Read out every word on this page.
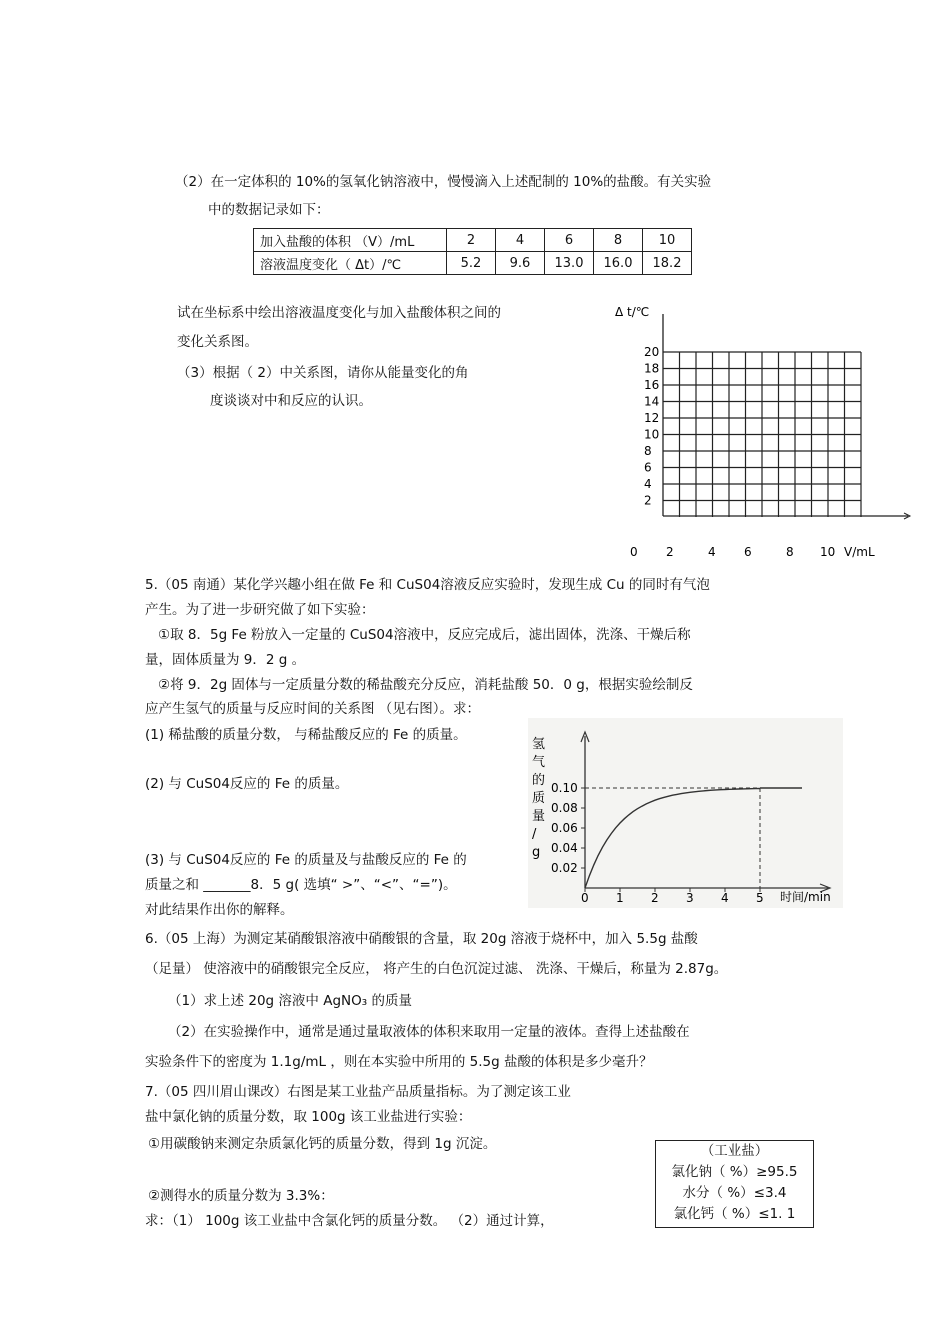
（2）在一定体积的 10%的氢氧化钠溶液中，慢慢滴入上述配制的 10%的盐酸。有关实验
中的数据记录如下：
加入盐酸的体积 （V）/mL	2	4	6	8	10
溶液温度变化（ Δt）/℃	5.2	9.6	13.0	16.0	18.2
试在坐标系中绘出溶液温度变化与加入盐酸体积之间的
变化关系图。
（3）根据（ 2）中关系图，请你从能量变化的角
度谈谈对中和反应的认识。
Δ t/℃
20
18
16
14
12
10
8
6
4
2
0 2	4 6	8 10 V/mL
5.（05 南通）某化学兴趣小组在做 Fe 和 CuS04溶液反应实验时，发现生成 Cu 的同时有气泡
产生。为了进一步研究做了如下实验：
①取 8．5g Fe 粉放入一定量的 CuS04溶液中，反应完成后，滤出固体，洗涤、干燥后称
量，固体质量为 9．2 g 。
②将 9．2g 固体与一定质量分数的稀盐酸充分反应，消耗盐酸 50．0 g，根据实验绘制反
应产生氢气的质量与反应时间的关系图 （见右图）。求：
(1) 稀盐酸的质量分数， 与稀盐酸反应的 Fe 的质量。
(2) 与 CuS04反应的 Fe 的质量。
(3) 与 CuS04反应的 Fe 的质量及与盐酸反应的 Fe 的
质量之和 _______8．5 g( 选填“ >”、“<”、“=”)。
对此结果作出你的解释。
氢
气
的
质
量
/
g
0.10
0.08
0.06
0.04
0.02
0 1 2 3 4 5 时间/min
6.（05 上海）为测定某硝酸银溶液中硝酸银的含量，取 20g 溶液于烧杯中，加入 5.5g 盐酸
（足量） 使溶液中的硝酸银完全反应， 将产生的白色沉淀过滤、 洗涤、干燥后，称量为 2.87g。
（1）求上述 20g 溶液中 AgNO₃ 的质量
（2）在实验操作中，通常是通过量取液体的体积来取用一定量的液体。查得上述盐酸在
实验条件下的密度为 1.1g/mL ，则在本实验中所用的 5.5g 盐酸的体积是多少毫升？
7.（05 四川眉山课改）右图是某工业盐产品质量指标。为了测定该工业
盐中氯化钠的质量分数，取 100g 该工业盐进行实验：
①用碳酸钠来测定杂质氯化钙的质量分数，得到 1g 沉淀。
②测得水的质量分数为 3.3%：
求：（1） 100g 该工业盐中含氯化钙的质量分数。 （2）通过计算，
（工业盐）
氯化钠（ %）≥95.5
水分（ %）≤3.4
氯化钙（ %）≤1. 1
